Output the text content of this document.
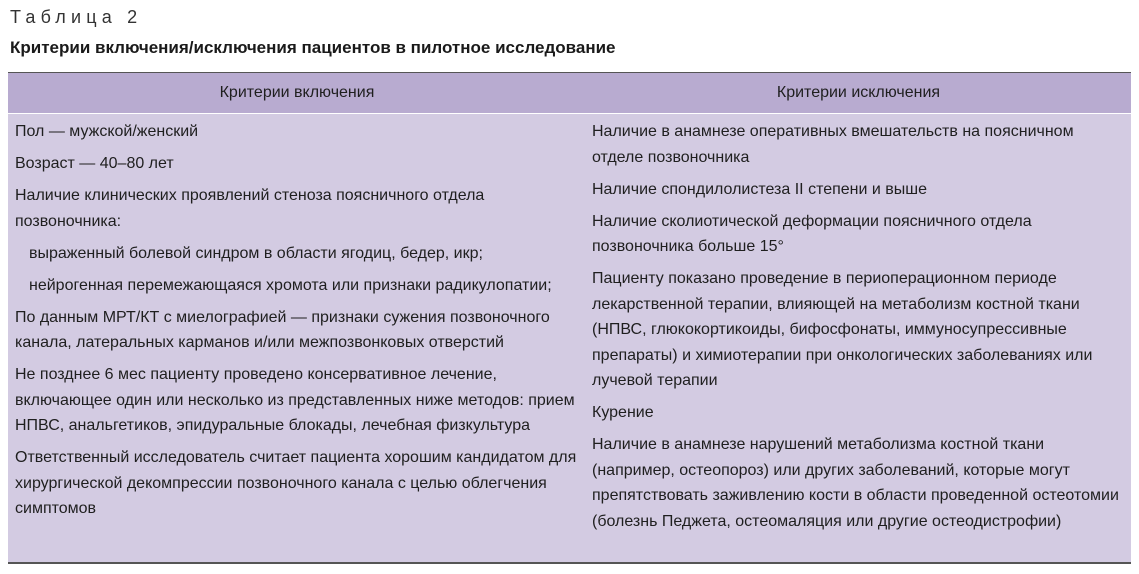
Таблица 2
Критерии включения/исключения пациентов в пилотное исследование
Критерии включения	Критерии исключения
Пол — мужской/женский
Возраст — 40–80 лет
Наличие клинических проявлений стеноза поясничного отдела позвоночника:
выраженный болевой синдром в области ягодиц, бедер, икр;
нейрогенная перемежающаяся хромота или признаки радикулопатии;
По данным МРТ/КТ с миелографией — признаки сужения позвоночного канала, латеральных карманов и/или межпозвонковых отверстий
Не позднее 6 мес пациенту проведено консервативное лечение, включающее один или несколько из представленных ниже методов: прием НПВС, анальгетиков, эпидуральные блокады, лечебная физкультура
Ответственный исследователь считает пациента хорошим кандидатом для хирургической декомпрессии позвоночного канала с целью облегчения симптомов
Наличие в анамнезе оперативных вмешательств на поясничном отделе позвоночника
Наличие спондилолистеза II степени и выше
Наличие сколиотической деформации поясничного отдела позвоночника больше 15°
Пациенту показано проведение в периоперационном периоде лекарственной терапии, влияющей на метаболизм костной ткани (НПВС, глюкокортикоиды, бифосфонаты, иммуносупрессивные препараты) и химиотерапии при онкологических заболеваниях или лучевой терапии
Курение
Наличие в анамнезе нарушений метаболизма костной ткани (например, остеопороз) или других заболеваний, которые могут препятствовать заживлению кости в области проведенной остеотомии (болезнь Педжета, остеомаляция или другие остеодистрофии)
